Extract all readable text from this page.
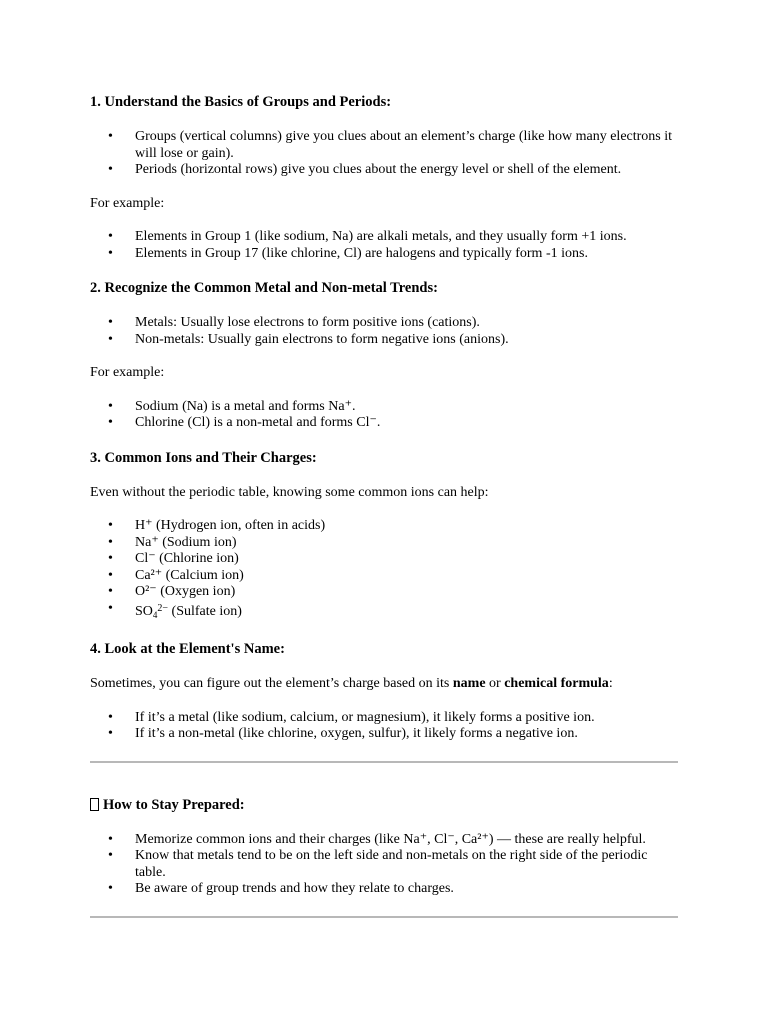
1. Understand the Basics of Groups and Periods:
• Groups (vertical columns) give you clues about an element’s charge (like how many electrons it will lose or gain).
• Periods (horizontal rows) give you clues about the energy level or shell of the element.

For example:

• Elements in Group 1 (like sodium, Na) are alkali metals, and they usually form +1 ions.
• Elements in Group 17 (like chlorine, Cl) are halogens and typically form -1 ions.
2. Recognize the Common Metal and Non-metal Trends:
• Metals: Usually lose electrons to form positive ions (cations).
• Non-metals: Usually gain electrons to form negative ions (anions).

For example:

• Sodium (Na) is a metal and forms Na⁺.
• Chlorine (Cl) is a non-metal and forms Cl⁻.
3. Common Ions and Their Charges:

Even without the periodic table, knowing some common ions can help:

• H⁺ (Hydrogen ion, often in acids)
• Na⁺ (Sodium ion)
• Cl⁻ (Chlorine ion)
• Ca²⁺ (Calcium ion)
• O²⁻ (Oxygen ion)
• $SO_4^{2-}$ (Sulfate ion)
4. Look at the Element's Name:

Sometimes, you can figure out the element’s charge based on its name or chemical formula:

• If it’s a metal (like sodium, calcium, or magnesium), it likely forms a positive ion.
• If it’s a non-metal (like chlorine, oxygen, sulfur), it likely forms a negative ion.
How to Stay Prepared:
• Memorize common ions and their charges (like Na⁺, Cl⁻, Ca²⁺) — these are really helpful.
• Know that metals tend to be on the left side and non-metals on the right side of the periodic table.
• Be aware of group trends and how they relate to charges.
